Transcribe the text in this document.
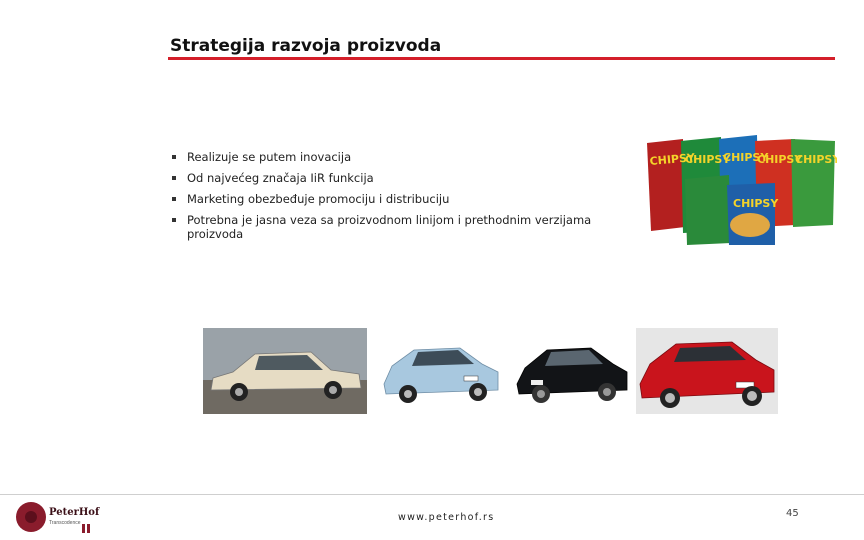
Strategija razvoja proizvoda
Realizuje se putem inovacija
Od najvećeg značaja IiR funkcija
Marketing obezbeđuje promociju i distribuciju
Potrebna je jasna veza sa proizvodnom linijom i prethodnim verzijama proizvoda
CHIPSY
CHIPSY
CHIPSY
CHIPSY
CHIPSY
CHIPSY
PeterHof
Transcodence	www.peterhof.rs	45
